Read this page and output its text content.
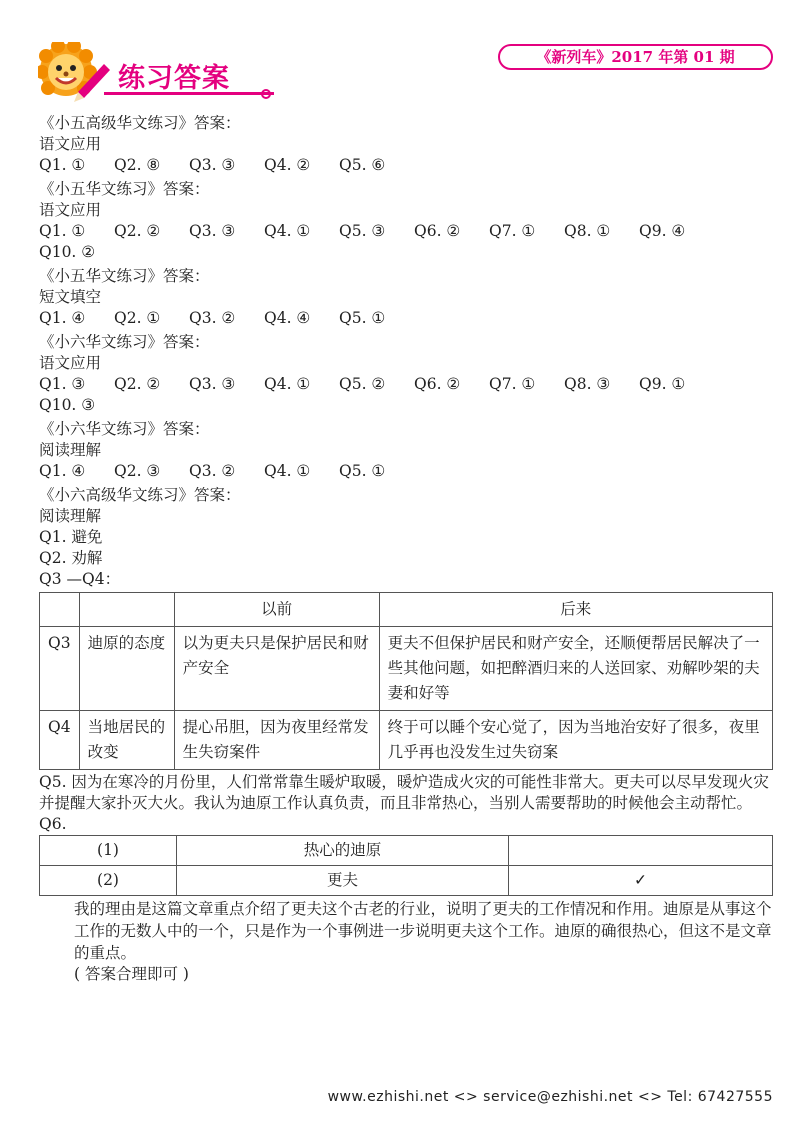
练习答案
《新列车》2017 年第 01 期
《小五高级华文练习》答案：
语文应用
Q1. ① Q2. ⑧ Q3. ③ Q4. ② Q5. ⑥
《小五华文练习》答案：
语文应用
Q1. ① Q2. ② Q3. ③ Q4. ① Q5. ③ Q6. ② Q7. ① Q8. ① Q9. ④
Q10. ②
《小五华文练习》答案：
短文填空
Q1. ④ Q2. ① Q3. ② Q4. ④ Q5. ①
《小六华文练习》答案：
语文应用
Q1. ③ Q2. ② Q3. ③ Q4. ① Q5. ② Q6. ② Q7. ① Q8. ③ Q9. ①
Q10. ③
《小六华文练习》答案：
阅读理解
Q1. ④ Q2. ③ Q3. ② Q4. ① Q5. ①
《小六高级华文练习》答案：
阅读理解
Q1. 避免
Q2. 劝解
Q3 —Q4：
		以前	后来
Q3	迪原的态度	以为更夫只是保护居民和财产安全	更夫不但保护居民和财产安全，还顺便帮居民解决了一些其他问题，如把醉酒归来的人送回家、劝解吵架的夫妻和好等
Q4	当地居民的改变	提心吊胆，因为夜里经常发生失窃案件	终于可以睡个安心觉了，因为当地治安好了很多，夜里几乎再也没发生过失窃案
Q5. 因为在寒冷的月份里，人们常常靠生暖炉取暖，暖炉造成火灾的可能性非常大。更夫可以尽早发现火灾并提醒大家扑灭大火。我认为迪原工作认真负责，而且非常热心，当别人需要帮助的时候他会主动帮忙。
Q6.
(1)	热心的迪原	
(2)	更夫	✓
我的理由是这篇文章重点介绍了更夫这个古老的行业，说明了更夫的工作情况和作用。迪原是从事这个工作的无数人中的一个，只是作为一个事例进一步说明更夫这个工作。迪原的确很热心，但这不是文章的重点。
( 答案合理即可 )
www.ezhishi.net <> service@ezhishi.net <> Tel: 67427555
